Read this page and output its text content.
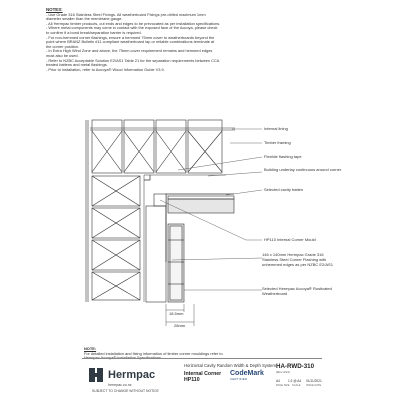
NOTES:
- Use Grade 316 Stainless Steel Fixings. All weatherboard Fixings pre-drilled maximum 1mm
diameter smaller than the membrane gauge.
- All Hermpac timber products, cut ends and edges to be prevocated as per installation specifications.
- Where metal components may come in contact with the exposed face of the Accoya, please check
to confirm if a bond break/separation barrier is required.
- For non-hemmed corner flashings, ensure a hemmed 75mm cover to weatherboards beyond the
point where BRANZ Bulletin #11 compliant weatherboard lap or reliable combinations terminate at
the corner position.
- In Extra High Wind Zone and above, the 75mm cover requirement remains and hemmed edges
must also be used.
- Refer to NZBC Acceptable Solution E2/AS1 Table 21 for the separation requirements between CCA
treated battens and metal flashings.
- Prior to installation, refer to Accoya® Wood Information Guide V3.9.
Internal lining
Timber framing
Flexible flashing tape
Building underlay continuous around corner
Selected cavity batten
HP110 Internal Corner Mould
146 x 140mm Hermpac Grade 316 Stainless Steel Corner Flashing with unhemmed edges as per NZBC E2/AS1
Selected Hermpac Accoya® Rusticated Weatherboard
18.5mm
28mm
NOTE:
For detailed installation and fixing information of timber corner mouldings refer to
Hermpac Accoya® Installation Specifications.
Hermpac
hermpac.co.nz
SUBJECT TO CHANGE WITHOUT NOTICE
Horizontal Cavity Random Width & Depth System
Internal Corner
HP110
CodeMark
CERTIFIED
HA-RWD-310
(Rev.4/14)
A4	1:2 @ A4 01/11/2021
PAGE SIZE SCALE ISSUE DATE
